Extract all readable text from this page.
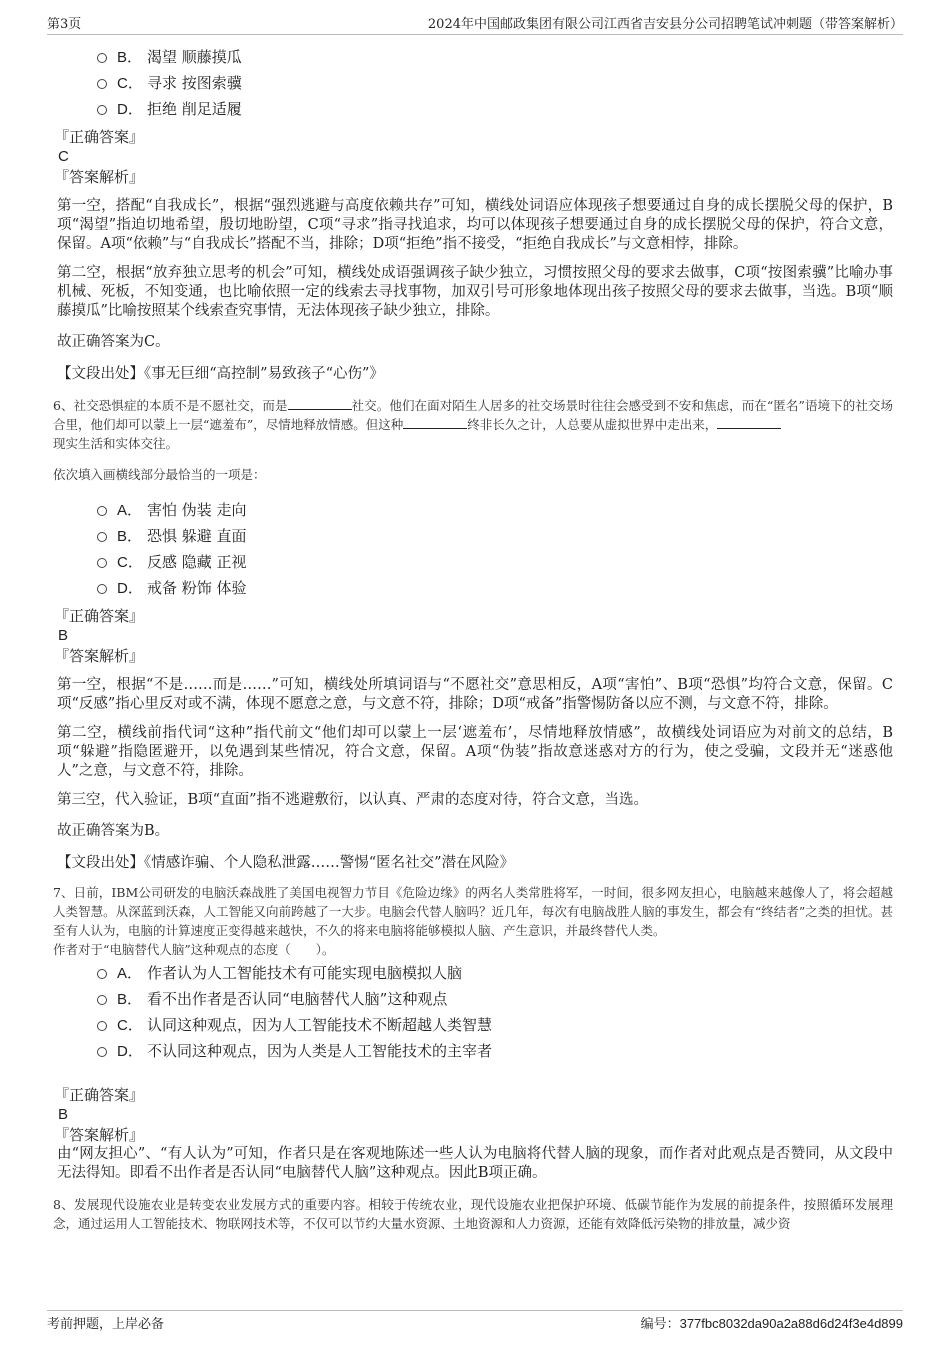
第3页	2024年中国邮政集团有限公司江西省吉安县分公司招聘笔试冲刺题（带答案解析）
B． 渴望 顺藤摸瓜
C． 寻求 按图索骥
D． 拒绝 削足适履
『正确答案』
C
『答案解析』

第一空，搭配“自我成长”，根据“强烈逃避与高度依赖共存”可知，横线处词语应体现孩子想要通过自身的成长摆脱父母的保护，B项“渴望”指迫切地希望，殷切地盼望，C项“寻求”指寻找追求，均可以体现孩子想要通过自身的成长摆脱父母的保护，符合文意，保留。A项“依赖”与“自我成长”搭配不当，排除；D项“拒绝”指不接受，“拒绝自我成长”与文意相悖，排除。

第二空，根据“放弃独立思考的机会”可知，横线处成语强调孩子缺少独立，习惯按照父母的要求去做事，C项“按图索骥”比喻办事机械、死板，不知变通，也比喻依照一定的线索去寻找事物，加双引号可形象地体现出孩子按照父母的要求去做事，当选。B项“顺藤摸瓜”比喻按照某个线索查究事情，无法体现孩子缺少独立，排除。

故正确答案为C。

【文段出处】《事无巨细“高控制”易致孩子“心伤”》

6、社交恐惧症的本质不是不愿社交，而是	社交。他们在面对陌生人居多的社交场景时往往会感受到不安和焦虑，而在“匿名”语境下的社交场合里，他们却可以蒙上一层“遮羞布”，尽情地释放情感。但这种	终非长久之计，人总要从虚拟世界中走出来，
现实生活和实体交往。

依次填入画横线部分最恰当的一项是：

A． 害怕 伪装 走向
B． 恐惧 躲避 直面
C． 反感 隐藏 正视
D． 戒备 粉饰 体验
『正确答案』
B
『答案解析』

第一空，根据“不是……而是……”可知，横线处所填词语与“不愿社交”意思相反，A项“害怕”、B项“恐惧”均符合文意，保留。C项“反感”指心里反对或不满，体现不愿意之意，与文意不符，排除；D项“戒备”指警惕防备以应不测，与文意不符，排除。

第二空，横线前指代词“这种”指代前文“他们却可以蒙上一层‘遮羞布’，尽情地释放情感”，故横线处词语应为对前文的总结，B项“躲避”指隐匿避开，以免遇到某些情况，符合文意，保留。A项“伪装”指故意迷惑对方的行为，使之受骗，文段并无“迷惑他人”之意，与文意不符，排除。

第三空，代入验证，B项“直面”指不逃避敷衍，以认真、严肃的态度对待，符合文意，当选。

故正确答案为B。

【文段出处】《情感诈骗、个人隐私泄露……警惕“匿名社交”潜在风险》

7、日前，IBM公司研发的电脑沃森战胜了美国电视智力节目《危险边缘》的两名人类常胜将军，一时间，很多网友担心，电脑越来越像人了，将会超越人类智慧。从深蓝到沃森，人工智能又向前跨越了一大步。电脑会代替人脑吗？近几年，每次有电脑战胜人脑的事发生，都会有“终结者”之类的担忧。甚至有人认为，电脑的计算速度正变得越来越快，不久的将来电脑将能够模拟人脑、产生意识，并最终替代人类。

作者对于“电脑替代人脑”这种观点的态度（　　）。

A． 作者认为人工智能技术有可能实现电脑模拟人脑
B． 看不出作者是否认同“电脑替代人脑”这种观点
C． 认同这种观点，因为人工智能技术不断超越人类智慧
D． 不认同这种观点，因为人类是人工智能技术的主宰者
『正确答案』
B
『答案解析』

由“网友担心”、“有人认为”可知，作者只是在客观地陈述一些人认为电脑将代替人脑的现象，而作者对此观点是否赞同，从文段中无法得知。即看不出作者是否认同“电脑替代人脑”这种观点。因此B项正确。

8、发展现代设施农业是转变农业发展方式的重要内容。相较于传统农业，现代设施农业把保护环境、低碳节能作为发展的前提条件，按照循环发展理念，通过运用人工智能技术、物联网技术等，不仅可以节约大量水资源、土地资源和人力资源，还能有效降低污染物的排放量，减少资

考前押题，上岸必备	编号：377fbc8032da90a2a88d6d24f3e4d899
